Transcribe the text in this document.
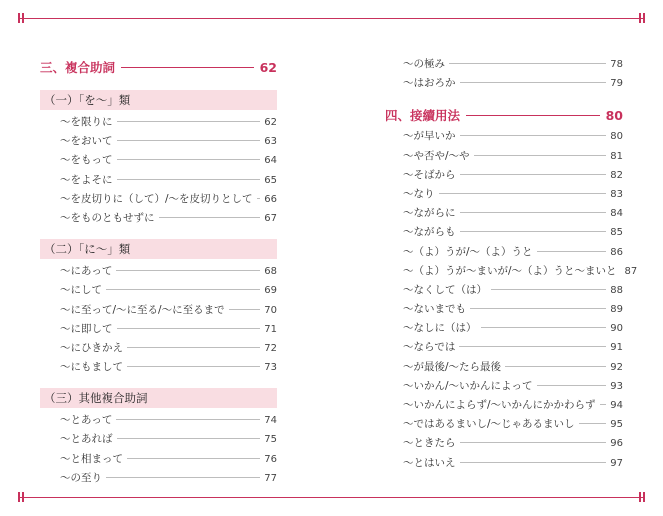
三、複合助詞	62
（一）「を～」類
～を限りに	62
～をおいて	63
～をもって	64
～をよそに	65
～を皮切りに（して）/～を皮切りとして 66
～をものともせずに	67
（二）「に～」類
～にあって	68
～にして	69
～に至って/～に至る/～に至るまで	70
～に即して	71
～にひきかえ	72
～にもまして	73
（三）其他複合助詞
～とあって	74
～とあれば	75
～と相まって	76
～の至り	77
～の極み	78
～はおろか	79
四、接續用法	80
～が早いか	80
～や否や/～や	81
～そばから	82
～なり	83
～ながらに	84
～ながらも	85
～（よ）うが/～（よ）うと	86
～（よ）うが～まいが/～（よ）うと～まいと 87
～なくして（は）	88
～ないまでも	89
～なしに（は）	90
～ならでは	91
～が最後/～たら最後	92
～いかん/～いかんによって	93
～いかんによらず/～いかんにかかわらず 94
～ではあるまいし/～じゃあるまいし	95
～ときたら	96
～とはいえ	97
